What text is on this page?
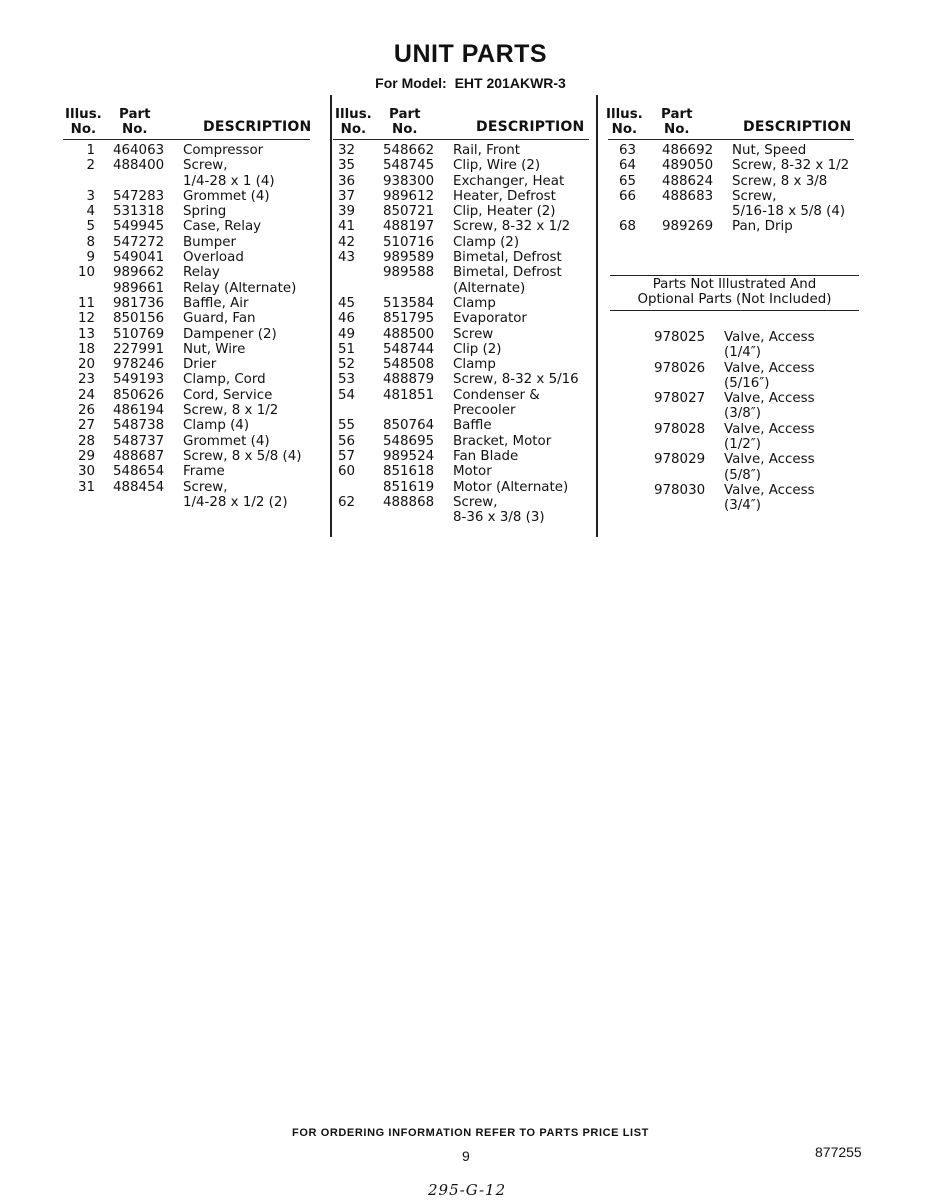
UNIT PARTS
For Model: EHT 201AKWR-3
Illus.
No.
Part
No.	DESCRIPTION
1 464063	Compressor
2 488400	Screw,
1/4-28 x 1 (4)
3 547283	Grommet (4)
4 531318	Spring
5 549945	Case, Relay
8 547272	Bumper
9 549041	Overload
10 989662	Relay
989661	Relay (Alternate)
11 981736	Baffle, Air
12 850156	Guard, Fan
13 510769	Dampener (2)
18 227991	Nut, Wire
20 978246	Drier
23 549193	Clamp, Cord
24 850626	Cord, Service
26 486194	Screw, 8 x 1/2
27 548738	Clamp (4)
28 548737	Grommet (4)
29 488687	Screw, 8 x 5/8 (4)
30 548654	Frame
31 488454	Screw,
1/4-28 x 1/2 (2)
Illus.
No.
Part
No.	DESCRIPTION
32 548662	Rail, Front
35 548745	Clip, Wire (2)
36 938300	Exchanger, Heat
37 989612	Heater, Defrost
39 850721	Clip, Heater (2)
41 488197	Screw, 8-32 x 1/2
42 510716	Clamp (2)
43 989589	Bimetal, Defrost
989588	Bimetal, Defrost
(Alternate)
45 513584	Clamp
46 851795	Evaporator
49 488500	Screw
51 548744	Clip (2)
52 548508	Clamp
53 488879	Screw, 8-32 x 5/16
54 481851	Condenser &
Precooler
55 850764	Baffle
56 548695	Bracket, Motor
57 989524	Fan Blade
60 851618	Motor
851619	Motor (Alternate)
62 488868	Screw,
8-36 x 3/8 (3)
Illus.
No.
Part
No.	DESCRIPTION
63 486692	Nut, Speed
64 489050	Screw, 8-32 x 1/2
65 488624	Screw, 8 x 3/8
66 488683	Screw,
5/16-18 x 5/8 (4)
68 989269	Pan, Drip
Parts Not Illustrated And
Optional Parts (Not Included)
978025	Valve, Access
(1/4″)
978026	Valve, Access
(5/16″)
978027	Valve, Access
(3/8″)
978028	Valve, Access
(1/2″)
978029	Valve, Access
(5/8″)
978030	Valve, Access
(3/4″)
FOR ORDERING INFORMATION REFER TO PARTS PRICE LIST
9	877255
295-G-12
